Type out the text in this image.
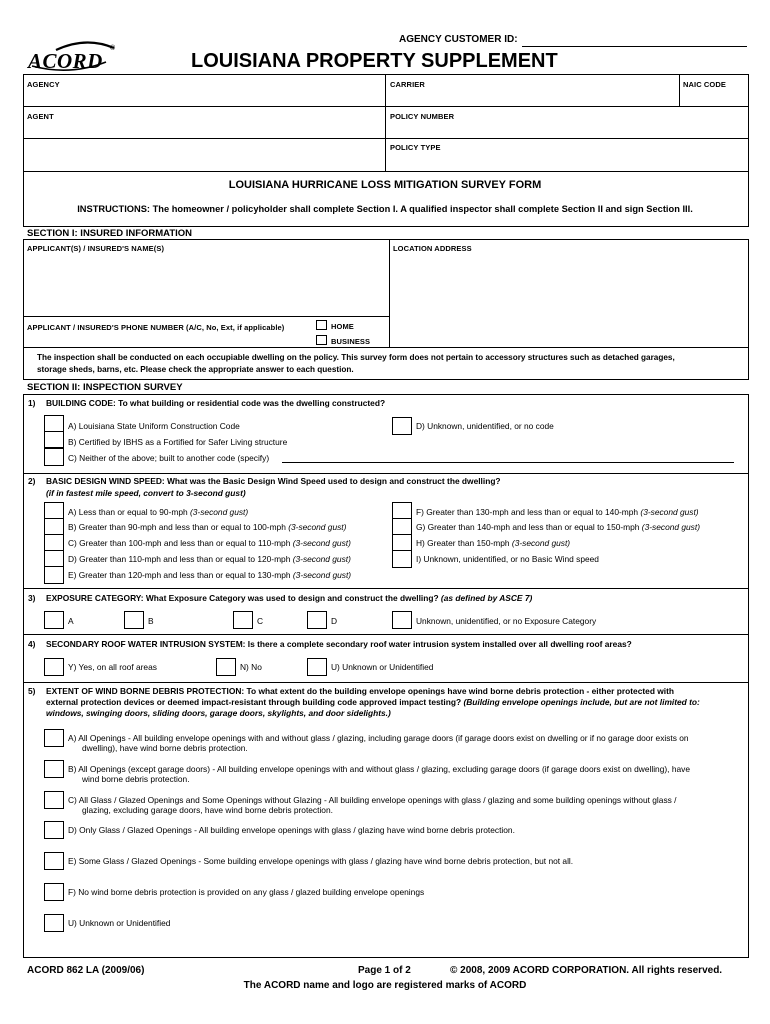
AGENCY CUSTOMER ID:
ACORD
®
LOUISIANA PROPERTY SUPPLEMENT
AGENCY	CARRIER	NAIC CODE
AGENT	POLICY NUMBER
POLICY TYPE
LOUISIANA HURRICANE LOSS MITIGATION SURVEY FORM
INSTRUCTIONS: The homeowner / policyholder shall complete Section I. A qualified inspector shall complete Section II and sign Section III.
SECTION I: INSURED INFORMATION
APPLICANT(S) / INSURED'S NAME(S)	LOCATION ADDRESS
APPLICANT / INSURED'S PHONE NUMBER (A/C, No, Ext, if applicable)	HOME
BUSINESS
The inspection shall be conducted on each occupiable dwelling on the policy. This survey form does not pertain to accessory structures such as detached garages,
storage sheds, barns, etc. Please check the appropriate answer to each question.
SECTION II: INSPECTION SURVEY
1) BUILDING CODE: To what building or residential code was the dwelling constructed?
A) Louisiana State Uniform Construction Code
B) Certified by IBHS as a Fortified for Safer Living structure
C) Neither of the above; built to another code (specify)
D) Unknown, unidentified, or no code
2) BASIC DESIGN WIND SPEED: What was the Basic Design Wind Speed used to design and construct the dwelling?
(if in fastest mile speed, convert to 3-second gust)
A) Less than or equal to 90-mph (3-second gust)
B) Greater than 90-mph and less than or equal to 100-mph (3-second gust)
C) Greater than 100-mph and less than or equal to 110-mph (3-second gust)
D) Greater than 110-mph and less than or equal to 120-mph (3-second gust)
E) Greater than 120-mph and less than or equal to 130-mph (3-second gust)
F) Greater than 130-mph and less than or equal to 140-mph (3-second gust)
G) Greater than 140-mph and less than or equal to 150-mph (3-second gust)
H) Greater than 150-mph (3-second gust)
I) Unknown, unidentified, or no Basic Wind speed
3) EXPOSURE CATEGORY: What Exposure Category was used to design and construct the dwelling? (as defined by ASCE 7)
A	B	C	D	Unknown, unidentified, or no Exposure Category
4) SECONDARY ROOF WATER INTRUSION SYSTEM: Is there a complete secondary roof water intrusion system installed over all dwelling roof areas?
Y) Yes, on all roof areas	N) No	U) Unknown or Unidentified
5) EXTENT OF WIND BORNE DEBRIS PROTECTION: To what extent do the building envelope openings have wind borne debris protection - either protected with
external protection devices or deemed impact-resistant through building code approved impact testing? (Building envelope openings include, but are not limited to:
windows, swinging doors, sliding doors, garage doors, skylights, and door sidelights.)
A) All Openings - All building envelope openings with and without glass / glazing, including garage doors (if garage doors exist on dwelling or if no garage door exists on
dwelling), have wind borne debris protection.
B) All Openings (except garage doors) - All building envelope openings with and without glass / glazing, excluding garage doors (if garage doors exist on dwelling), have
wind borne debris protection.
C) All Glass / Glazed Openings and Some Openings without Glazing - All building envelope openings with glass / glazing and some building openings without glass /
glazing, excluding garage doors, have wind borne debris protection.
D) Only Glass / Glazed Openings - All building envelope openings with glass / glazing have wind borne debris protection.
E) Some Glass / Glazed Openings - Some building envelope openings with glass / glazing have wind borne debris protection, but not all.
F) No wind borne debris protection is provided on any glass / glazed building envelope openings
U) Unknown or Unidentified
ACORD 862 LA (2009/06)	Page 1 of 2	© 2008, 2009 ACORD CORPORATION. All rights reserved.
The ACORD name and logo are registered marks of ACORD
